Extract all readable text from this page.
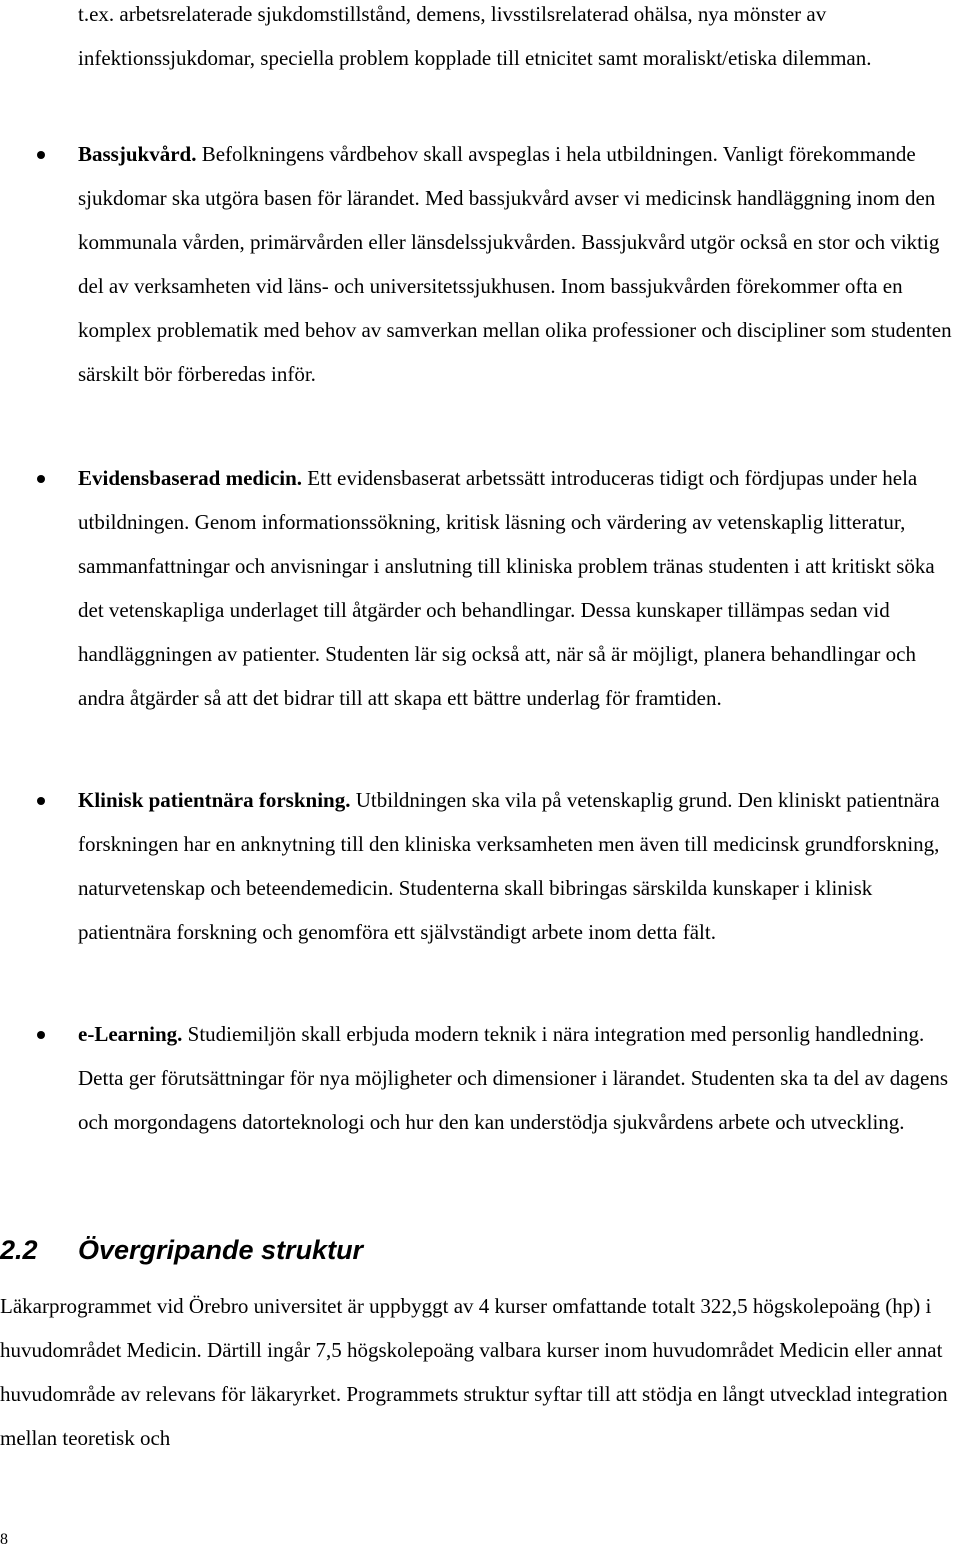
t.ex. arbetsrelaterade sjukdomstillstånd, demens, livsstilsrelaterad ohälsa, nya mönster av infektionssjukdomar, speciella problem kopplade till etnicitet samt moraliskt/etiska dilemman.
Bassjukvård. Befolkningens vårdbehov skall avspeglas i hela utbildningen. Vanligt förekommande sjukdomar ska utgöra basen för lärandet. Med bassjukvård avser vi medicinsk handläggning inom den kommunala vården, primärvården eller länsdelssjukvården. Bassjukvård utgör också en stor och viktig del av verksamheten vid läns- och universitetssjukhusen. Inom bassjukvården förekommer ofta en komplex problematik med behov av samverkan mellan olika professioner och discipliner som studenten särskilt bör förberedas inför.
Evidensbaserad medicin. Ett evidensbaserat arbetssätt introduceras tidigt och fördjupas under hela utbildningen. Genom informationssökning, kritisk läsning och värdering av vetenskaplig litteratur, sammanfattningar och anvisningar i anslutning till kliniska problem tränas studenten i att kritiskt söka det vetenskapliga underlaget till åtgärder och behandlingar. Dessa kunskaper tillämpas sedan vid handläggningen av patienter. Studenten lär sig också att, när så är möjligt, planera behandlingar och andra åtgärder så att det bidrar till att skapa ett bättre underlag för framtiden.
Klinisk patientnära forskning. Utbildningen ska vila på vetenskaplig grund. Den kliniskt patientnära forskningen har en anknytning till den kliniska verksamheten men även till medicinsk grundforskning, naturvetenskap och beteendemedicin. Studenterna skall bibringas särskilda kunskaper i klinisk patientnära forskning och genomföra ett självständigt arbete inom detta fält.
e-Learning. Studiemiljön skall erbjuda modern teknik i nära integration med personlig handledning. Detta ger förutsättningar för nya möjligheter och dimensioner i lärandet. Studenten ska ta del av dagens och morgondagens datorteknologi och hur den kan understödja sjukvårdens arbete och utveckling.
2.2 Övergripande struktur
Läkarprogrammet vid Örebro universitet är uppbyggt av 4 kurser omfattande totalt 322,5 högskolepoäng (hp) i huvudområdet Medicin. Därtill ingår 7,5 högskolepoäng valbara kurser inom huvudområdet Medicin eller annat huvudområde av relevans för läkaryrket. Programmets struktur syftar till att stödja en långt utvecklad integration mellan teoretisk och
8
